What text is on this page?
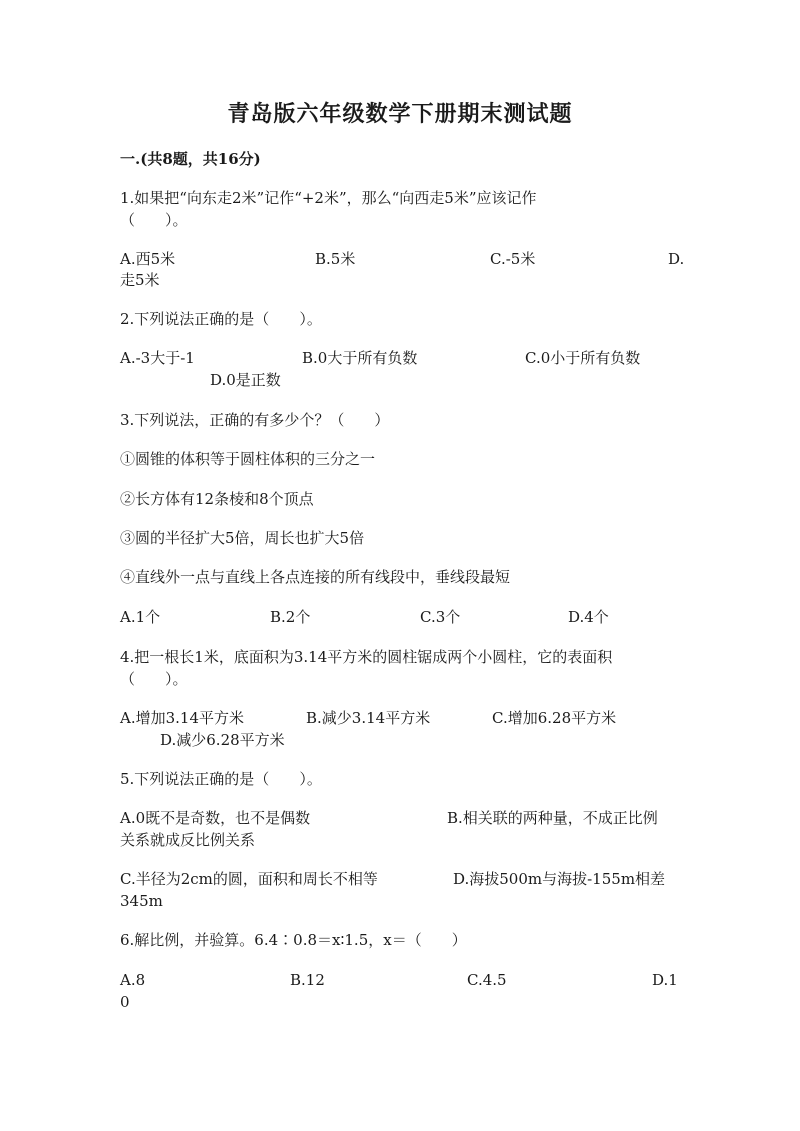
青岛版六年级数学下册期末测试题
一.(共8题，共16分)
1.如果把“向东走2米”记作“+2米”，那么“向西走5米”应该记作
（　　）。
A.西5米	B.5米	C.-5米	D.
走5米
2.下列说法正确的是（　　）。
A.-3大于-1	B.0大于所有负数	C.0小于所有负数
D.0是正数
3.下列说法，正确的有多少个？（　　）
①圆锥的体积等于圆柱体积的三分之一
②长方体有12条棱和8个顶点
③圆的半径扩大5倍，周长也扩大5倍
④直线外一点与直线上各点连接的所有线段中，垂线段最短
A.1个	B.2个	C.3个	D.4个
4.把一根长1米，底面积为3.14平方米的圆柱锯成两个小圆柱，它的表面积
（　　）。
A.增加3.14平方米	B.减少3.14平方米	C.增加6.28平方米
D.减少6.28平方米
5.下列说法正确的是（　　）。
A.0既不是奇数，也不是偶数	B.相关联的两种量，不成正比例
关系就成反比例关系
C.半径为2cm的圆，面积和周长不相等	D.海拔500m与海拔-155m相差
345m
6.解比例，并验算。6.4∶0.8＝x∶1.5，x＝（　　）
A.8	B.12	C.4.5	D.1
0
